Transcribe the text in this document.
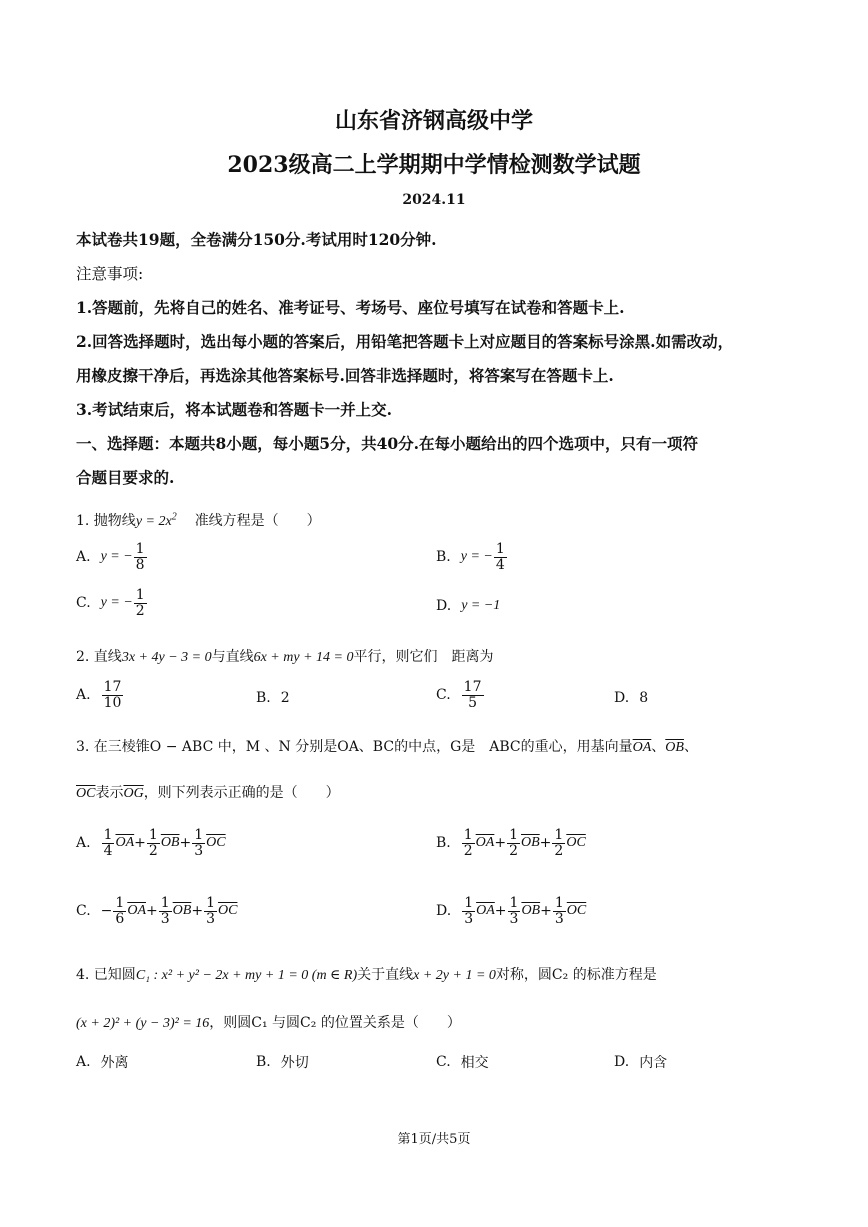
山东省济钢高级中学
2023级高二上学期期中学情检测数学试题
2024.11
本试卷共19题，全卷满分150分.考试用时120分钟.
注意事项:
1.答题前，先将自己的姓名、准考证号、考场号、座位号填写在试卷和答题卡上.
2.回答选择题时，选出每小题的答案后，用铅笔把答题卡上对应题目的答案标号涂黑.如需改动，
用橡皮擦干净后，再选涂其他答案标号.回答非选择题时，将答案写在答题卡上.
3.考试结束后，将本试题卷和答题卡一并上交.
一、选择题：本题共8小题，每小题5分，共40分.在每小题给出的四个选项中，只有一项符
合题目要求的.
1. 抛物线$y = 2x^2$ 准线方程是（　　）
A. y = − $\frac{1}{8}$	B. y = − $\frac{1}{4}$
C. y = − $\frac{1}{2}$	D. y = −1
2. 直线3x + 4y − 3 = 0与直线6x + my + 14 = 0平行，则它们　距离为
A. $\frac{17}{10}$	B. 2	C. $\frac{17}{5}$	D. 8
3. 在三棱锥O − ABC 中，M 、N 分别是OA、BC的中点，G是　ABC的重心，用基向量$\overline{OA}$、$\overline{OB}$、
$\overline{OC}$表示$\overline{OG}$，则下列表示正确的是（　　）
A. $\frac{1}{4} \overline{OA} + \frac{1}{2} \overline{OB} + \frac{1}{3} \overline{OC}$	B. $\frac{1}{2} \overline{OA} + \frac{1}{2} \overline{OB} + \frac{1}{2} \overline{OC}$
C. − $\frac{1}{6} \overline{OA} + \frac{1}{3} \overline{OB} + \frac{1}{3} \overline{OC}$	D. $\frac{1}{3} \overline{OA} + \frac{1}{3} \overline{OB} + \frac{1}{3} \overline{OC}$
4. 已知圆C₁ : x² + y² − 2x + my + 1 = 0 (m ∈ R)关于直线x + 2y + 1 = 0对称，圆C₂ 的标准方程是
(x + 2)² + (y − 3)² = 16，则圆C₁ 与圆C₂ 的位置关系是（　　）
A. 外离	B. 外切	C. 相交	D. 内含
第1页/共5页
